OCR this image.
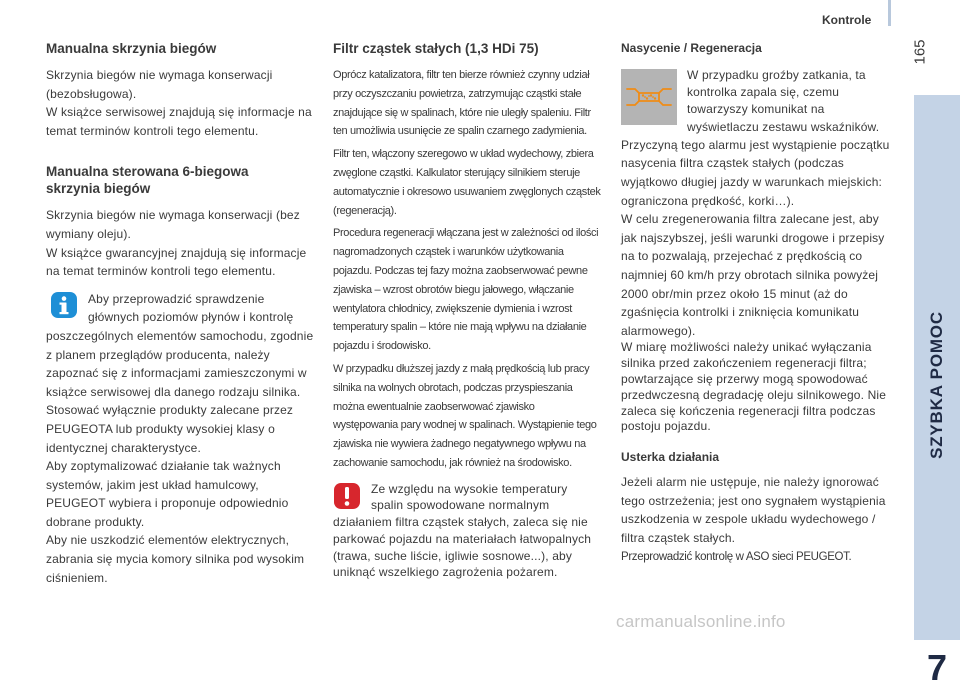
Kontrole
165
SZYBKA POMOC
7
Manualna skrzynia biegów

Skrzynia biegów nie wymaga konserwacji (bezobsługowa).

W książce serwisowej znajdują się informacje na temat terminów kontroli tego elementu.

Manualna sterowana 6-biegowa skrzynia biegów

Skrzynia biegów nie wymaga konserwacji (bez wymiany oleju).

W książce gwarancyjnej znajdują się informacje na temat terminów kontroli tego elementu.

Aby przeprowadzić sprawdzenie głównych poziomów płynów i kontrolę poszczególnych elementów samochodu, zgodnie z planem przeglądów producenta, należy zapoznać się z informacjami zamieszczonymi w książce serwisowej dla danego rodzaju silnika.

Stosować wyłącznie produkty zalecane przez PEUGEOTA lub produkty wysokiej klasy o identycznej charakterystyce.

Aby zoptymalizować działanie tak ważnych systemów, jakim jest układ hamulcowy, PEUGEOT wybiera i proponuje odpowiednio dobrane produkty.

Aby nie uszkodzić elementów elektrycznych, zabrania się mycia komory silnika pod wysokim ciśnieniem.

Filtr cząstek stałych (1,3 HDi 75)

Oprócz katalizatora, filtr ten bierze również czynny udział przy oczyszczaniu powietrza, zatrzymując cząstki stałe znajdujące się w spalinach, które nie uległy spaleniu. Filtr ten umożliwia usunięcie ze spalin czarnego zadymienia.

Filtr ten, włączony szeregowo w układ wydechowy, zbiera zwęglone cząstki. Kalkulator sterujący silnikiem steruje automatycznie i okresowo usuwaniem zwęglonych cząstek (regeneracją).

Procedura regeneracji włączana jest w zależności od ilości nagromadzonych cząstek i warunków użytkowania pojazdu. Podczas tej fazy można zaobserwować pewne zjawiska – wzrost obrotów biegu jałowego, włączanie wentylatora chłodnicy, zwiększenie dymienia i wzrost temperatury spalin – które nie mają wpływu na działanie pojazdu i środowisko.

W przypadku dłuższej jazdy z małą prędkością lub pracy silnika na wolnych obrotach, podczas przyspieszania można ewentualnie zaobserwować zjawisko występowania pary wodnej w spalinach. Wystąpienie tego zjawiska nie wywiera żadnego negatywnego wpływu na zachowanie samochodu, jak również na środowisko.

Ze względu na wysokie temperatury spalin spowodowane normalnym działaniem filtra cząstek stałych, zaleca się nie parkować pojazdu na materiałach łatwopalnych (trawa, suche liście, igliwie sosnowe...), aby uniknąć wszelkiego zagrożenia pożarem.

Nasycenie / Regeneracja

W przypadku groźby zatkania, ta kontrolka zapala się, czemu towarzyszy komunikat na wyświetlaczu zestawu wskaźników.

Przyczyną tego alarmu jest wystąpienie początku nasycenia filtra cząstek stałych (podczas wyjątkowo długiej jazdy w warunkach miejskich: ograniczona prędkość, korki…).

W celu zregenerowania filtra zalecane jest, aby jak najszybszej, jeśli warunki drogowe i przepisy na to pozwalają, przejechać z prędkością co najmniej 60 km/h przy obrotach silnika powyżej 2000 obr/min przez około 15 minut (aż do zgaśnięcia kontrolki i zniknięcia komunikatu alarmowego).

W miarę możliwości należy unikać wyłączania silnika przed zakończeniem regeneracji filtra; powtarzające się przerwy mogą spowodować przedwczesną degradację oleju silnikowego. Nie zaleca się kończenia regeneracji filtra podczas postoju pojazdu.

Usterka działania

Jeżeli alarm nie ustępuje, nie należy ignorować tego ostrzeżenia; jest ono sygnałem wystąpienia uszkodzenia w zespole układu wydechowego / filtra cząstek stałych.

Przeprowadzić kontrolę w ASO sieci PEUGEOT.

carmanualsonline.info
